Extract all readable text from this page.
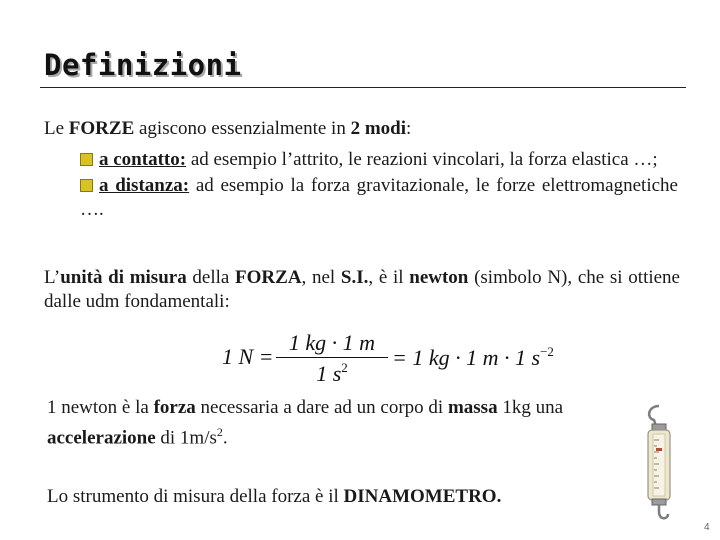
Definizioni
Le FORZE agiscono essenzialmente in 2 modi:
a contatto: ad esempio l’attrito, le reazioni vincolari, la forza elastica …;
a distanza: ad esempio la forza gravitazionale, le forze elettromagnetiche ….
L’unità di misura della FORZA, nel S.I., è il newton (simbolo N), che si ottiene dalle udm fondamentali:
1 N =
1 kg · 1 m
1 $s^2$	= 1 kg · 1 m · 1 $s^{-2}$
1 newton è la forza necessaria a dare ad un corpo di massa 1kg una accelerazione di $1m/s^2$.
Lo strumento di misura della forza è il DINAMOMETRO.
4
